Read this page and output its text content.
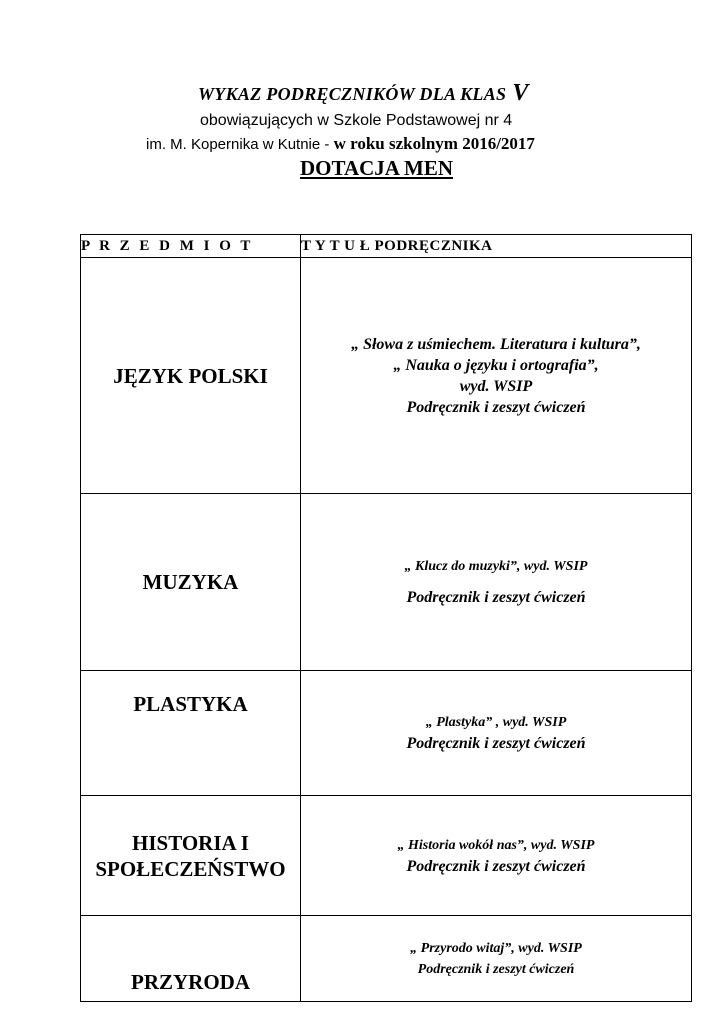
WYKAZ PODRĘCZNIKÓW DLA KLAS V
obowiązujących w Szkole Podstawowej nr 4
im. M. Kopernika w Kutnie - w roku szkolnym 2016/2017
DOTACJA MEN
P R Z E D M I O T	T Y T U Ł PODRĘCZNIKA
JĘZYK POLSKI	„ Słowa z uśmiechem. Literatura i kultura”,
„ Nauka o języku i ortografia”,
wyd. WSIP
Podręcznik i zeszyt ćwiczeń

MUZYKA	„ Klucz do muzyki”, wyd. WSIP
Podręcznik i zeszyt ćwiczeń

PLASTYKA	„ Plastyka” , wyd. WSIP
Podręcznik i zeszyt ćwiczeń

HISTORIA I
SPOŁECZEŃSTWO	„ Historia wokół nas”, wyd. WSIP
Podręcznik i zeszyt ćwiczeń

PRZYRODA	„ Przyrodo witaj”, wyd. WSIP
Podręcznik i zeszyt ćwiczeń
